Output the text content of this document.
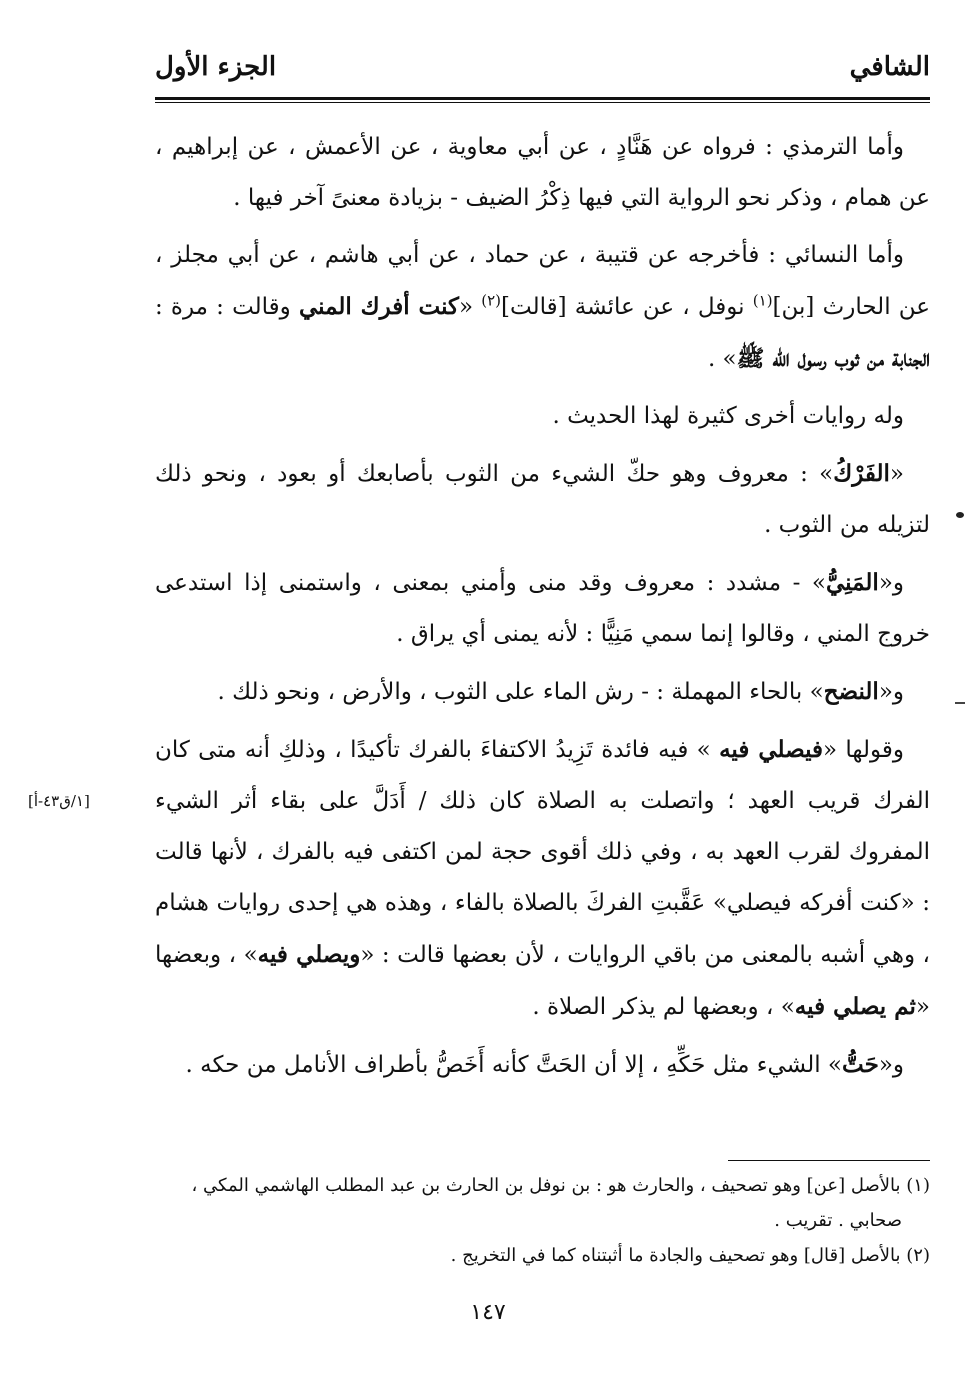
الشافي
الجزء الأول

وأما الترمذي : فرواه عن هَنَّادٍ ، عن أبي معاوية ، عن الأعمش ، عن إبراهيم ، عن همام ، وذكر نحو الرواية التي فيها ذِكْرُ الضيف - بزيادة معنىً آخر فيها .

وأما النسائي : فأخرجه عن قتيبة ، عن حماد ، عن أبي هاشم ، عن أبي مجلز ، عن الحارث [بن]$^{(١)}$ نوفل ، عن عائشة [قالت]$^{(٢)}$ «كنت أفرك المني وقالت : مرة : الجنابة من ثوب رسول الله ﷺ» .

وله روايات أخرى كثيرة لهذا الحديث .

«الفَرْكُ» : معروف وهو حكّ الشيء من الثوب بأصابعك أو بعود ، ونحو ذلك لتزيله من الثوب .

و«المَنِيُّ» - مشدد : معروف وقد منى وأمني بمعنى ، واستمنى إذا استدعى خروج المني ، وقالوا إنما سمي مَنِيًّا : لأنه يمنى أي يراق .

و«النضح» بالحاء المهملة : - رش الماء على الثوب ، والأرض ، ونحو ذلك .

وقولها «فيصلي فيه » فيه فائدة تَزِيدُ الاكتفاءَ بالفرك تأكيدًا ، وذلكِ أنه متى كان الفرك قريب العهد ؛ واتصلت به الصلاة كان ذلك / أَدَلَّ على بقاء أثر الشيء المفروك لقرب العهد به ، وفي ذلك أقوى حجة لمن اكتفى فيه بالفرك ، لأنها قالت : «كنت أفركه فيصلي» عَقَّبتِ الفركَ بالصلاة بالفاء ، وهذه هي إحدى روايات هشام ، وهي أشبه بالمعنى من باقي الروايات ، لأن بعضها قالت : «ويصلي فيه» ، وبعضها «ثم يصلي فيه» ، وبعضها لم يذكر الصلاة .

و«حَتُّ» الشيء مثل حَكِّهِ ، إلا أن الحَتَّ كأنه أَخَصُّ بأطراف الأنامل من حكه .

[١/ق٤٣-أ]

(١) بالأصل [عن] وهو تصحيف ، والحارث هو : بن نوفل بن الحارث بن عبد المطلب الهاشمي المكي ،

صحابي . تقريب .

(٢) بالأصل [قال] وهو تصحيف والجادة ما أثبتناه كما في التخريج .

١٤٧
